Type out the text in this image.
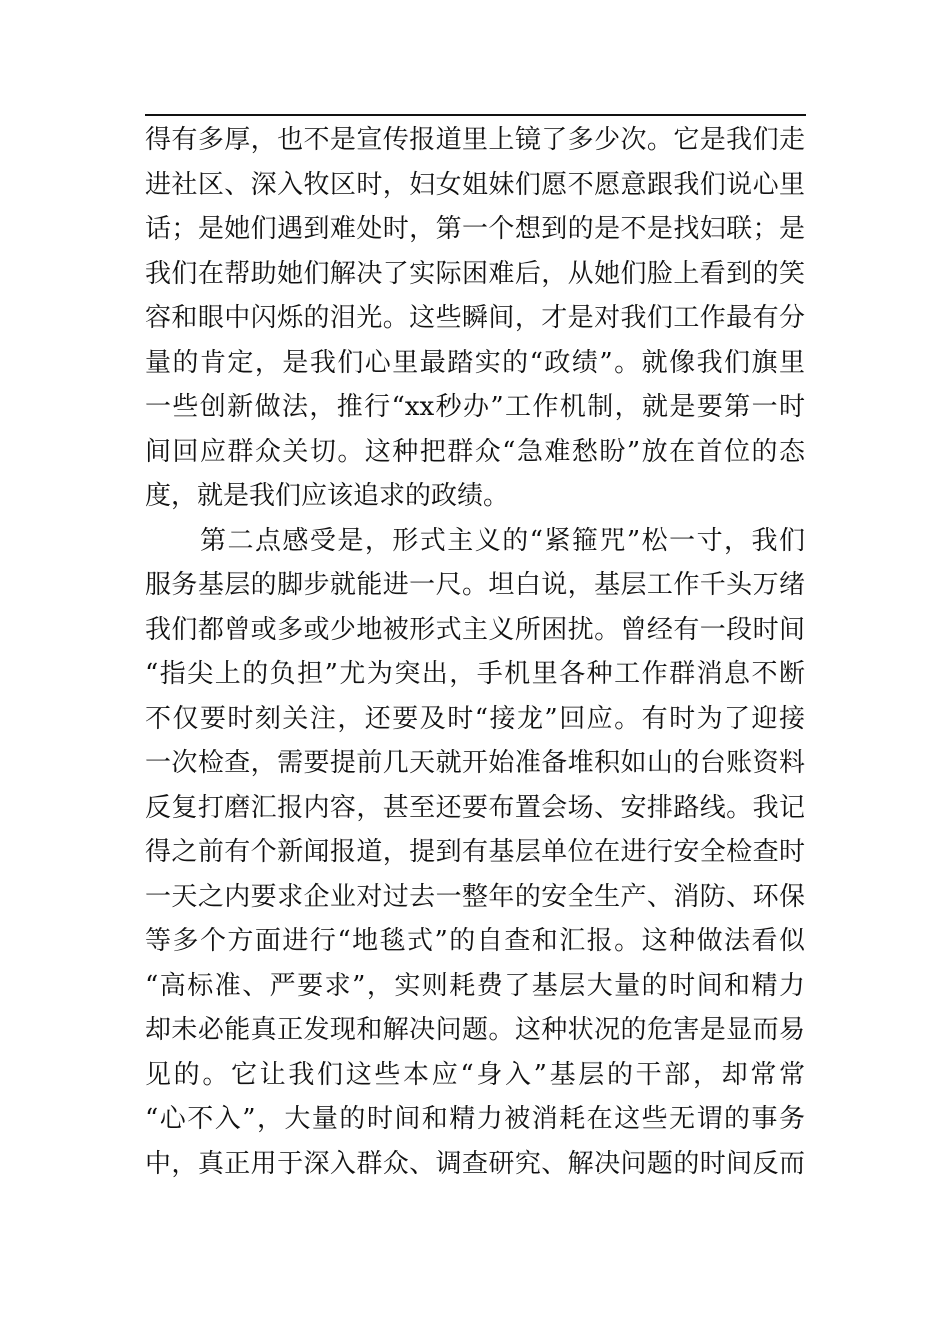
得有多厚，也不是宣传报道里上镜了多少次。它是我们走
进社区、深入牧区时，妇女姐妹们愿不愿意跟我们说心里
话；是她们遇到难处时，第一个想到的是不是找妇联；是
我们在帮助她们解决了实际困难后，从她们脸上看到的笑
容和眼中闪烁的泪光。这些瞬间，才是对我们工作最有分
量的肯定，是我们心里最踏实的“政绩”。就像我们旗里
一些创新做法，推行“xx秒办”工作机制，就是要第一时
间回应群众关切。这种把群众“急难愁盼”放在首位的态
度，就是我们应该追求的政绩。
第二点感受是，形式主义的“紧箍咒”松一寸，我们
服务基层的脚步就能进一尺。坦白说，基层工作千头万绪
我们都曾或多或少地被形式主义所困扰。曾经有一段时间
“指尖上的负担”尤为突出，手机里各种工作群消息不断
不仅要时刻关注，还要及时“接龙”回应。有时为了迎接
一次检查，需要提前几天就开始准备堆积如山的台账资料
反复打磨汇报内容，甚至还要布置会场、安排路线。我记
得之前有个新闻报道，提到有基层单位在进行安全检查时
一天之内要求企业对过去一整年的安全生产、消防、环保
等多个方面进行“地毯式”的自查和汇报。这种做法看似
“高标准、严要求”，实则耗费了基层大量的时间和精力
却未必能真正发现和解决问题。这种状况的危害是显而易
见的。它让我们这些本应“身入”基层的干部，却常常
“心不入”，大量的时间和精力被消耗在这些无谓的事务
中，真正用于深入群众、调查研究、解决问题的时间反而
